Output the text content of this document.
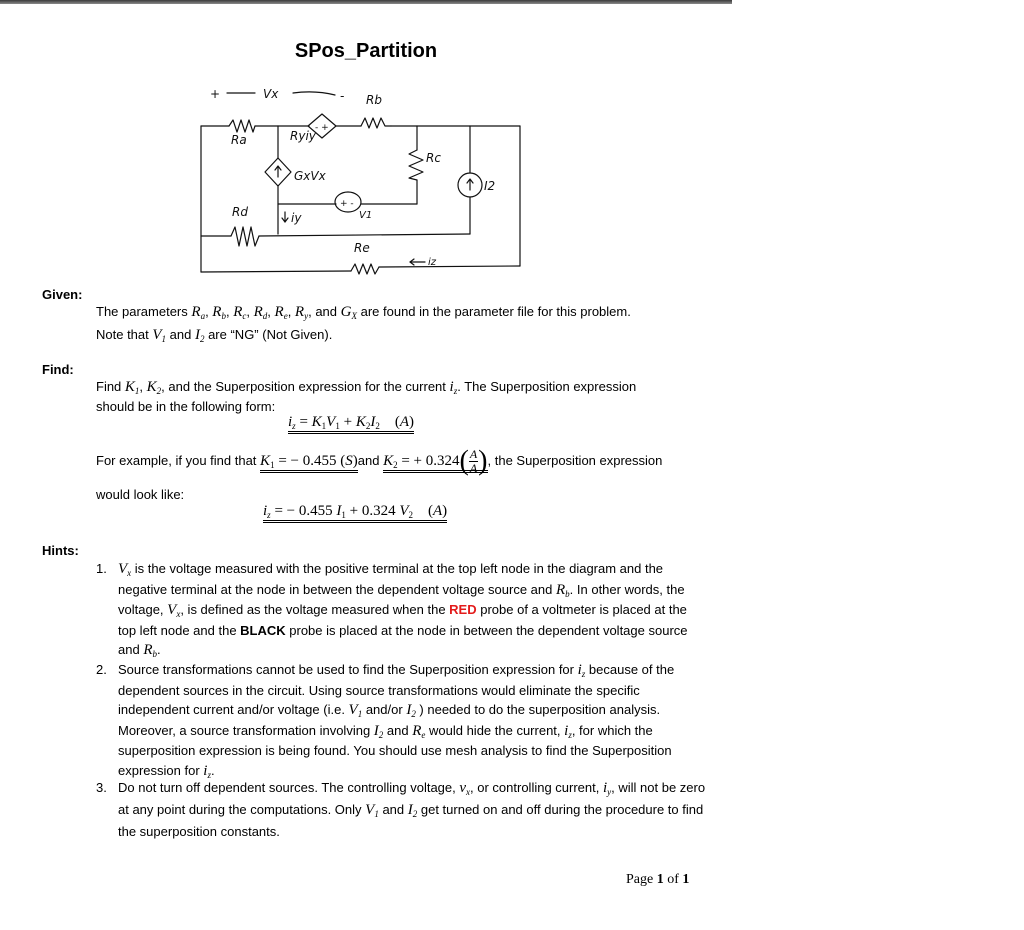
SPos_Partition
+	Vx	-
Ra
Rb
Rc
Rd
Re
Ryiy
- +
GxVx
+ -
V1
I2
iy
iz
Given:
The parameters $R_a$, $R_b$, $R_c$, $R_d$, $R_e$, $R_y$, and $G_X$ are found in the parameter file for this problem.
Note that $V_1$ and $I_2$ are “NG” (Not Given).
Find:
Find $K_1$, $K_2$, and the Superposition expression for the current $i_z$. The Superposition expression
should be in the following form:
$i_z = K_1V_1 + K_2I_2$    (A)
For example, if you find that $K_1$ = − 0.455 (S)and $K_2$ = + $0.324( \frac{A}{A}$ ), the Superposition expression
would look like:
$i_z$ = − 0.455 $I_1 + 0.324$ $V_2$    (A)
Hints:
1. $V_x$ is the voltage measured with the positive terminal at the top left node in the diagram and the negative terminal at the node in between the dependent voltage source and $R_b$. In other words, the voltage, $V_x$, is defined as the voltage measured when the RED probe of a voltmeter is placed at the top left node and the BLACK probe is placed at the node in between the dependent voltage source and $R_b$.
2. Source transformations cannot be used to find the Superposition expression for $i_z$ because of the dependent sources in the circuit. Using source transformations would eliminate the specific independent current and/or voltage (i.e. $V_1$ and/or $I_2$ ) needed to do the superposition analysis. Moreover, a source transformation involving $I_2$ and $R_e$ would hide the current, $i_z$, for which the superposition expression is being found. You should use mesh analysis to find the Superposition expression for $i_z$.
3. Do not turn off dependent sources. The controlling voltage, $v_x$, or controlling current, $i_y$, will not be zero at any point during the computations. Only $V_1$ and $I_2$ get turned on and off during the procedure to find the superposition constants.
Page 1 of 1
